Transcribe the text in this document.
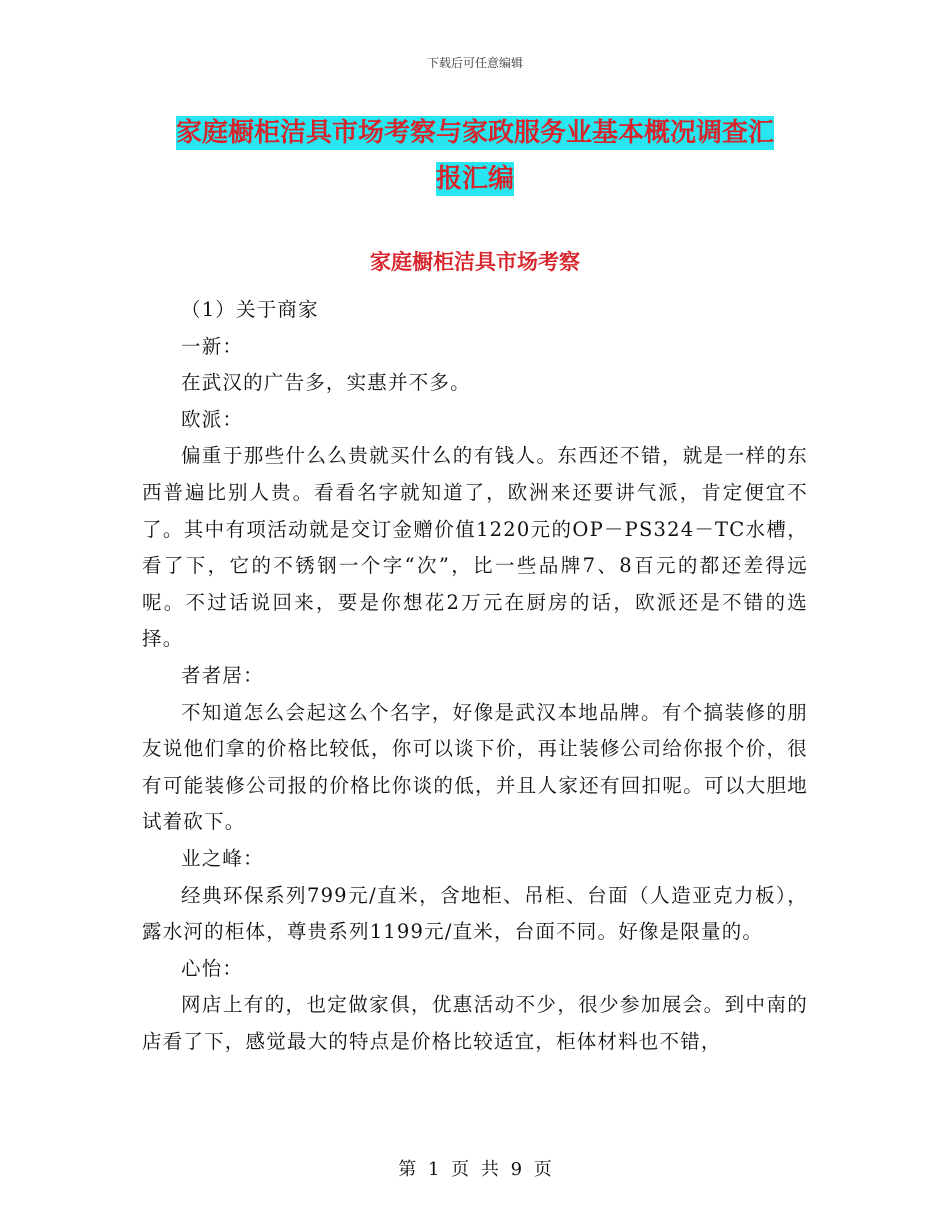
下载后可任意编辑
家庭橱柜洁具市场考察与家政服务业基本概况调查汇
报汇编
家庭橱柜洁具市场考察

（1）关于商家

一新：

在武汉的广告多，实惠并不多。

欧派：

偏重于那些什么么贵就买什么的有钱人。东西还不错，就是一样的东西普遍比别人贵。看看名字就知道了，欧洲来还要讲气派，肯定便宜不了。其中有项活动就是交订金赠价值1220元的OP－PS324－TC水槽，看了下，它的不锈钢一个字“次”，比一些品牌7、8百元的都还差得远呢。不过话说回来，要是你想花2万元在厨房的话，欧派还是不错的选择。

者者居：

不知道怎么会起这么个名字，好像是武汉本地品牌。有个搞装修的朋友说他们拿的价格比较低，你可以谈下价，再让装修公司给你报个价，很有可能装修公司报的价格比你谈的低，并且人家还有回扣呢。可以大胆地试着砍下。

业之峰：

经典环保系列799元/直米，含地柜、吊柜、台面（人造亚克力板），露水河的柜体，尊贵系列1199元/直米，台面不同。好像是限量的。

心怡：

网店上有的，也定做家俱，优惠活动不少，很少参加展会。到中南的店看了下，感觉最大的特点是价格比较适宜，柜体材料也不错，

第 1 页 共 9 页
